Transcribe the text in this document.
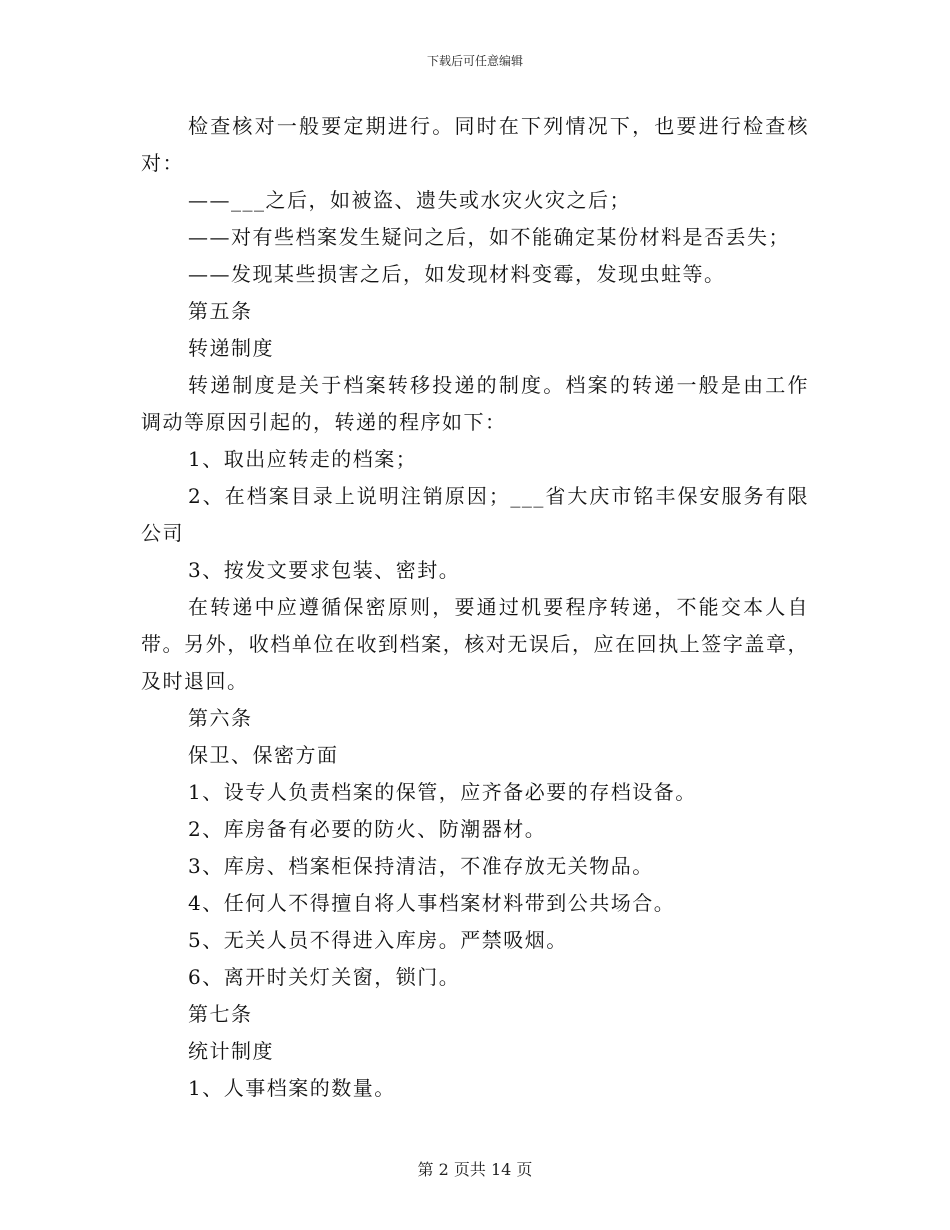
下载后可任意编辑

检查核对一般要定期进行。同时在下列情况下，也要进行检查核对：

——___之后，如被盗、遗失或水灾火灾之后；

——对有些档案发生疑问之后，如不能确定某份材料是否丢失；

——发现某些损害之后，如发现材料变霉，发现虫蛀等。

第五条

转递制度

转递制度是关于档案转移投递的制度。档案的转递一般是由工作调动等原因引起的，转递的程序如下：

1、取出应转走的档案；

2、在档案目录上说明注销原因；___省大庆市铭丰保安服务有限公司

3、按发文要求包装、密封。

在转递中应遵循保密原则，要通过机要程序转递，不能交本人自带。另外，收档单位在收到档案，核对无误后，应在回执上签字盖章，及时退回。

第六条

保卫、保密方面

1、设专人负责档案的保管，应齐备必要的存档设备。

2、库房备有必要的防火、防潮器材。

3、库房、档案柜保持清洁，不准存放无关物品。

4、任何人不得擅自将人事档案材料带到公共场合。

5、无关人员不得进入库房。严禁吸烟。

6、离开时关灯关窗，锁门。

第七条

统计制度

1、人事档案的数量。

第 2 页共 14 页
